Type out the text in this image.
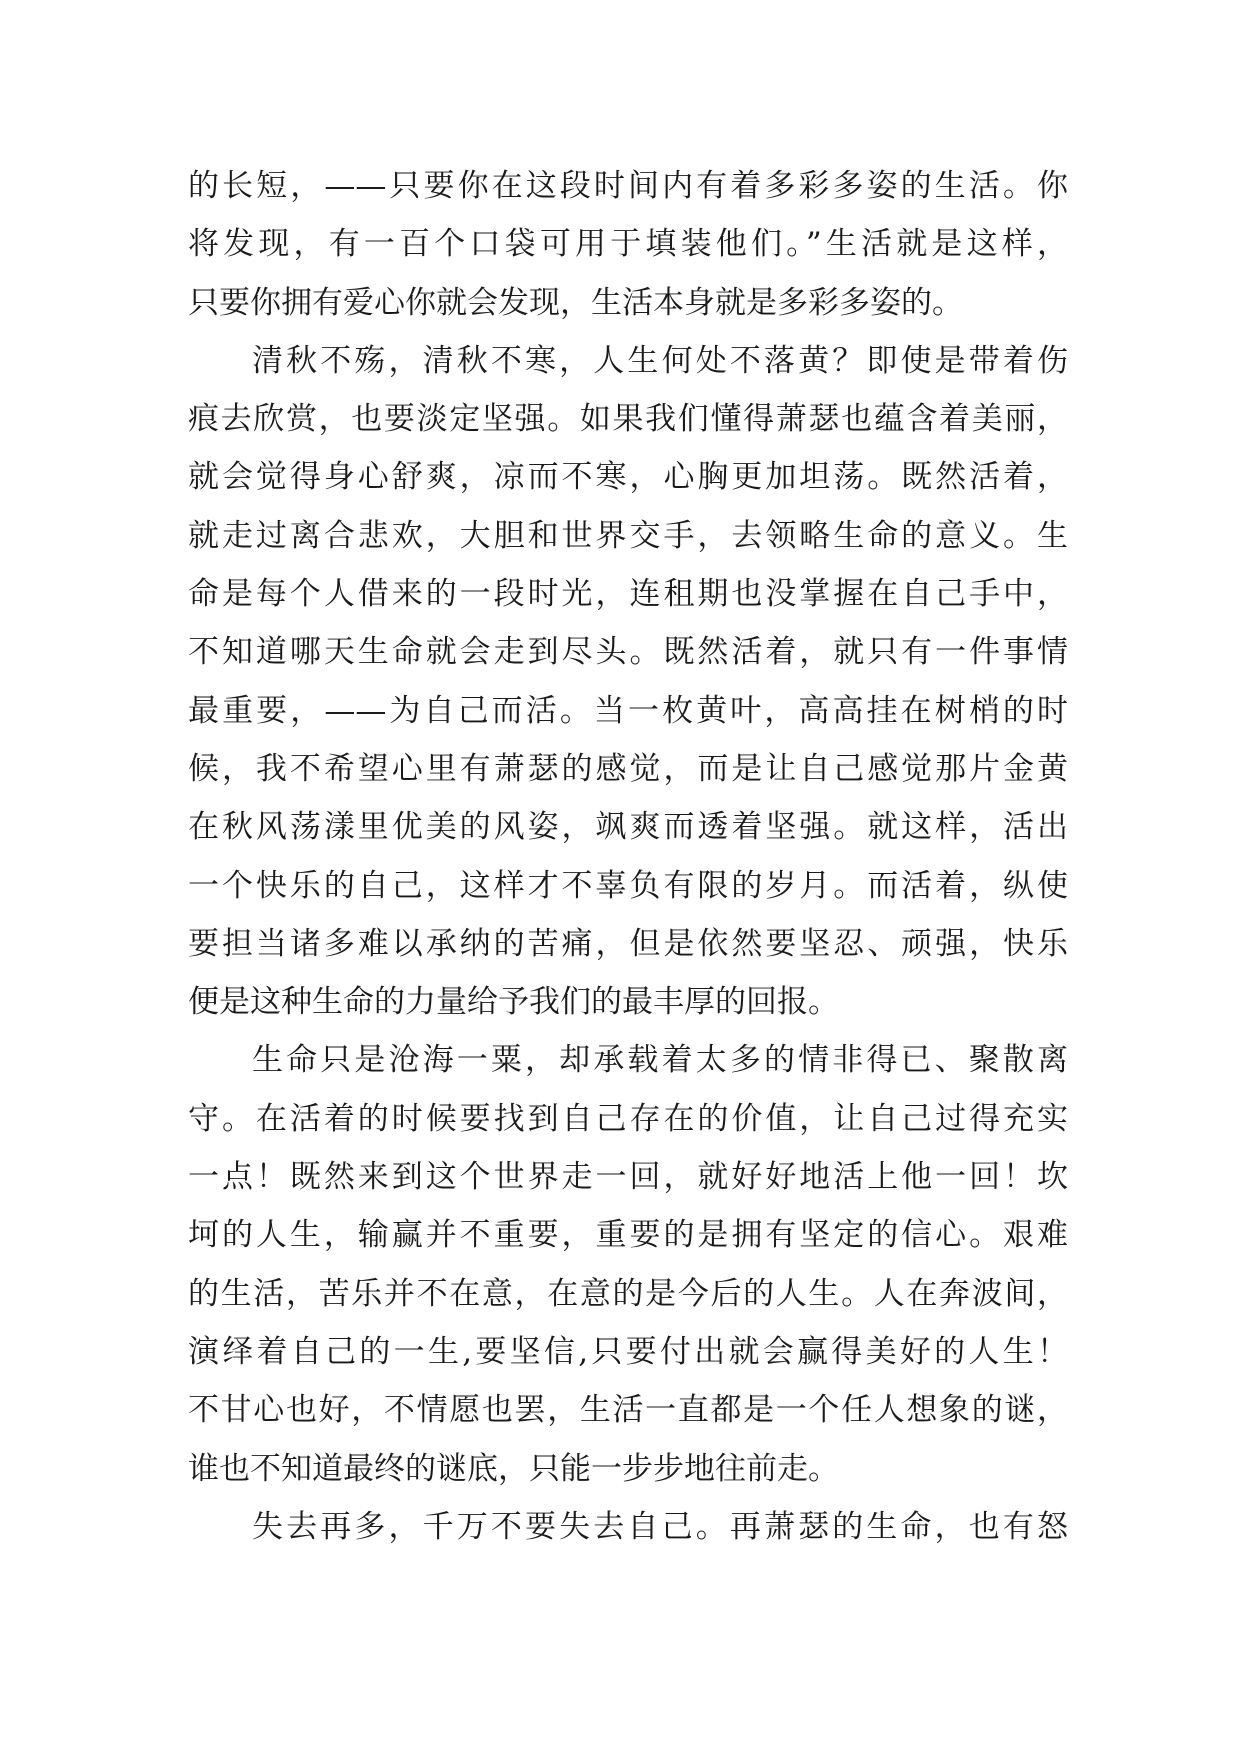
的长短，——只要你在这段时间内有着多彩多姿的生活。你
将发现，有一百个口袋可用于填装他们。”生活就是这样，
只要你拥有爱心你就会发现，生活本身就是多彩多姿的。
清秋不殇，清秋不寒，人生何处不落黄？即使是带着伤
痕去欣赏，也要淡定坚强。如果我们懂得萧瑟也蕴含着美丽，
就会觉得身心舒爽，凉而不寒，心胸更加坦荡。既然活着，
就走过离合悲欢，大胆和世界交手，去领略生命的意义。生
命是每个人借来的一段时光，连租期也没掌握在自己手中，
不知道哪天生命就会走到尽头。既然活着，就只有一件事情
最重要，——为自己而活。当一枚黄叶，高高挂在树梢的时
候，我不希望心里有萧瑟的感觉，而是让自己感觉那片金黄
在秋风荡漾里优美的风姿，飒爽而透着坚强。就这样，活出
一个快乐的自己，这样才不辜负有限的岁月。而活着，纵使
要担当诸多难以承纳的苦痛，但是依然要坚忍、顽强，快乐
便是这种生命的力量给予我们的最丰厚的回报。
生命只是沧海一粟，却承载着太多的情非得已、聚散离
守。在活着的时候要找到自己存在的价值，让自己过得充实
一点！既然来到这个世界走一回，就好好地活上他一回！坎
坷的人生，输赢并不重要，重要的是拥有坚定的信心。艰难
的生活，苦乐并不在意，在意的是今后的人生。人在奔波间，
演绎着自己的一生,要坚信,只要付出就会赢得美好的人生！
不甘心也好，不情愿也罢，生活一直都是一个任人想象的谜，
谁也不知道最终的谜底，只能一步步地往前走。
失去再多，千万不要失去自己。再萧瑟的生命，也有怒
